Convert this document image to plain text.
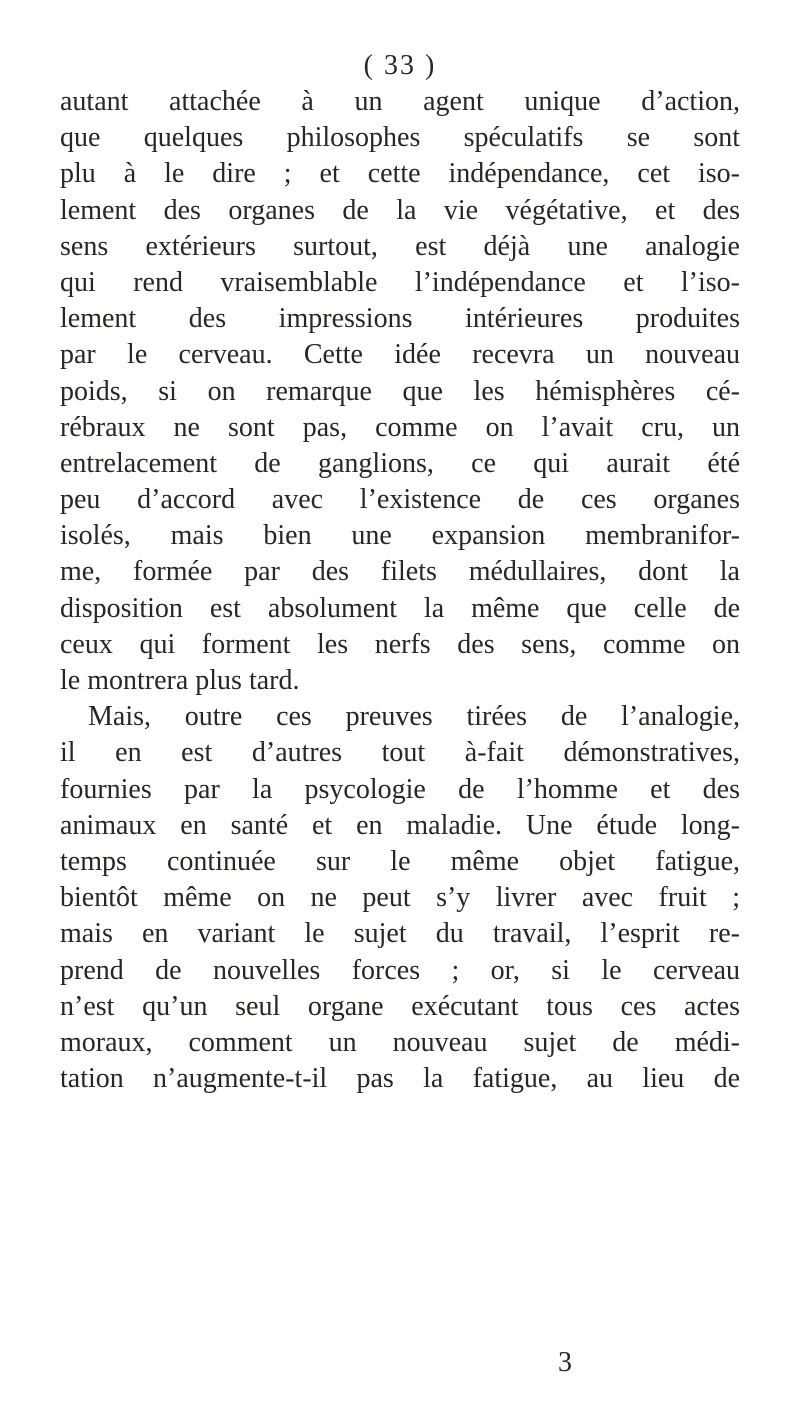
( 33 )
autant attachée à un agent unique d’action,
que quelques philosophes spéculatifs se sont
plu à le dire ; et cette indépendance, cet iso-
lement des organes de la vie végétative, et des
sens extérieurs surtout, est déjà une analogie
qui rend vraisemblable l’indépendance et l’iso-
lement des impressions intérieures produites
par le cerveau. Cette idée recevra un nouveau
poids, si on remarque que les hémisphères cé-
rébraux ne sont pas, comme on l’avait cru, un
entrelacement de ganglions, ce qui aurait été
peu d’accord avec l’existence de ces organes
isolés, mais bien une expansion membranifor-
me, formée par des filets médullaires, dont la
disposition est absolument la même que celle de
ceux qui forment les nerfs des sens, comme on
le montrera plus tard.
Mais, outre ces preuves tirées de l’analogie,
il en est d’autres tout à-fait démonstratives,
fournies par la psycologie de l’homme et des
animaux en santé et en maladie. Une étude long-
temps continuée sur le même objet fatigue,
bientôt même on ne peut s’y livrer avec fruit ;
mais en variant le sujet du travail, l’esprit re-
prend de nouvelles forces ; or, si le cerveau
n’est qu’un seul organe exécutant tous ces actes
moraux, comment un nouveau sujet de médi-
tation n’augmente-t-il pas la fatigue, au lieu de
3
